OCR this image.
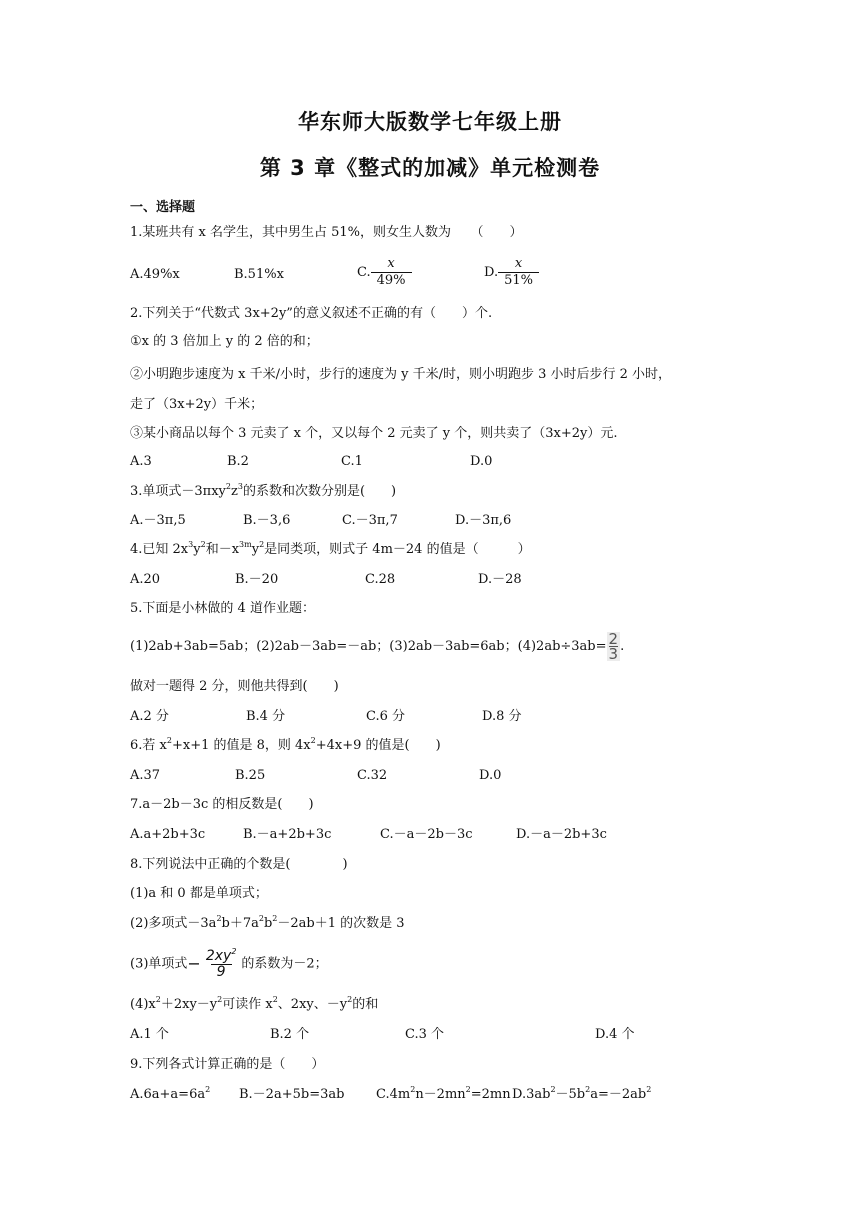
华东师大版数学七年级上册
第 3 章《整式的加减》单元检测卷
一、选择题
1.某班共有 x 名学生，其中男生占 51%，则女生人数为　　（　　）
A.49%x	B.51%x	C. $\frac{x}{49\%}$	D. $\frac{x}{51\%}$
2.下列关于“代数式 3x+2y”的意义叙述不正确的有（　　）个.
①x 的 3 倍加上 y 的 2 倍的和；
②小明跑步速度为 x 千米/小时，步行的速度为 y 千米/时，则小明跑步 3 小时后步行 2 小时，
走了（3x+2y）千米；
③某小商品以每个 3 元卖了 x 个，又以每个 2 元卖了 y 个，则共卖了（3x+2y）元.
A.3	B.2	C.1	D.0
3.单项式$-3\pi xy^2z^3$的系数和次数分别是(　　)
A.－3π,5	B.－3,6	C.－3π,7	D.－3π,6
4.已知 $2x^3y^2$和$-x^{3m}y^2$是同类项，则式子 4m－24 的值是（　　　）
A.20	B.－20	C.28	D.－28
5.下面是小林做的 4 道作业题：
(1)2ab+3ab=5ab；(2)2ab－3ab=－ab；(3)2ab－3ab=6ab；$(4)2ab\div 3ab= \frac{2}{3}$ .
做对一题得 2 分，则他共得到(　　)
A.2 分	B.4 分	C.6 分	D.8 分
6.若 $x^2+x+1$ 的值是 8，则 $4x^2+4x+9$ 的值是(　　)
A.37	B.25	C.32	D.0
7.a－2b－3c 的相反数是(　　)
A.a+2b+3c	B.－a+2b+3c	C.－a－2b－3c	D.－a－2b+3c
8.下列说法中正确的个数是(　　　　)
(1)a 和 0 都是单项式；
(2)多项式$-3a^2b+7a^2b^2-2ab+1$ 的次数是 3
(3)单项式− $\frac{2xy^2}{9}$ 的系数为－2；
$(4)x^2+2xy-y^2$可读作 $x^2$、2xy、$-y^2$的和
A.1 个	B.2 个	C.3 个	D.4 个
9.下列各式计算正确的是（　　）
$A.6a+a=6a^2$ B.－2a+5b=3ab $C.4m^2n-2mn^2=2mn$ $D.3ab^2-5b^2a=-2ab^2$
